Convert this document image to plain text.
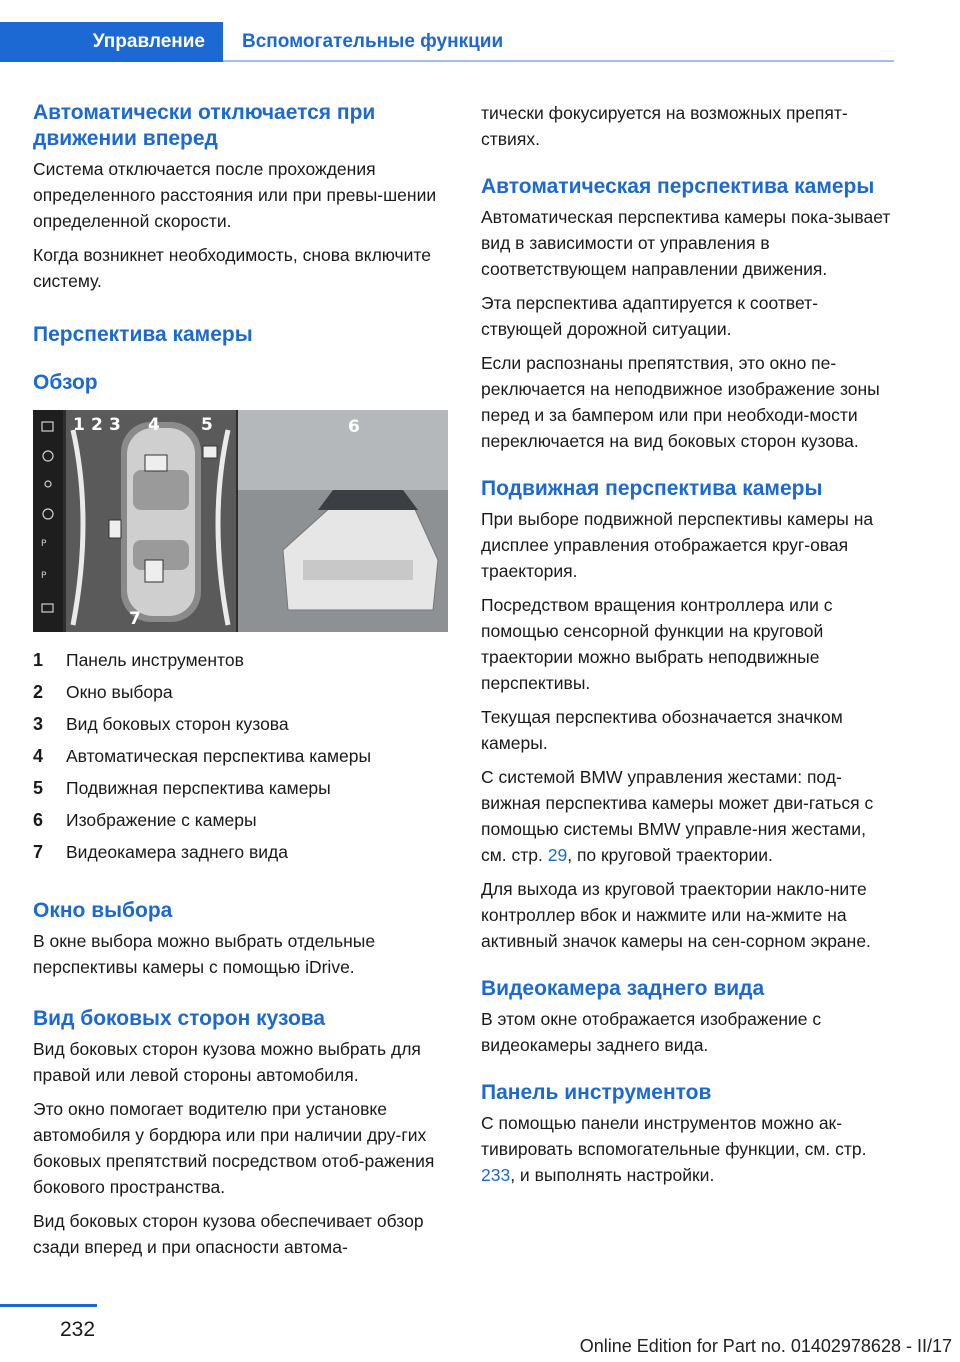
Управление Вспомогательные функции
Автоматически отключается при движении вперед

Система отключается после прохождения определенного расстояния или при превы-шении определенной скорости.

Когда возникнет необходимость, снова включите систему.

Перспектива камеры
Обзор
P
P
1 2 3 4 5	6
7
1	Панель инструментов
2	Окно выбора
3	Вид боковых сторон кузова
4	Автоматическая перспектива камеры
5	Подвижная перспектива камеры
6	Изображение с камеры
7	Видеокамера заднего вида
Окно выбора

В окне выбора можно выбрать отдельные перспективы камеры с помощью iDrive.

Вид боковых сторон кузова

Вид боковых сторон кузова можно выбрать для правой или левой стороны автомобиля.

Это окно помогает водителю при установке автомобиля у бордюра или при наличии дру-гих боковых препятствий посредством отоб-ражения бокового пространства.

Вид боковых сторон кузова обеспечивает обзор сзади вперед и при опасности автома-

тически фокусируется на возможных препят-ствиях.

Автоматическая перспектива камеры

Автоматическая перспектива камеры пока-зывает вид в зависимости от управления в соответствующем направлении движения.

Эта перспектива адаптируется к соответ-ствующей дорожной ситуации.

Если распознаны препятствия, это окно пе-реключается на неподвижное изображение зоны перед и за бампером или при необходи-мости переключается на вид боковых сторон кузова.

Подвижная перспектива камеры

При выборе подвижной перспективы камеры на дисплее управления отображается круг-овая траектория.

Посредством вращения контроллера или с помощью сенсорной функции на круговой траектории можно выбрать неподвижные перспективы.

Текущая перспектива обозначается значком камеры.

С системой BMW управления жестами: под-вижная перспектива камеры может дви-гаться с помощью системы BMW управле-ния жестами, см. стр. 29, по круговой траектории.

Для выхода из круговой траектории накло-ните контроллер вбок и нажмите или на-жмите на активный значок камеры на сен-сорном экране.

Видеокамера заднего вида

В этом окне отображается изображение с видеокамеры заднего вида.

Панель инструментов

С помощью панели инструментов можно ак-тивировать вспомогательные функции, см. стр. 233, и выполнять настройки.

232
Online Edition for Part no. 01402978628 - II/17
